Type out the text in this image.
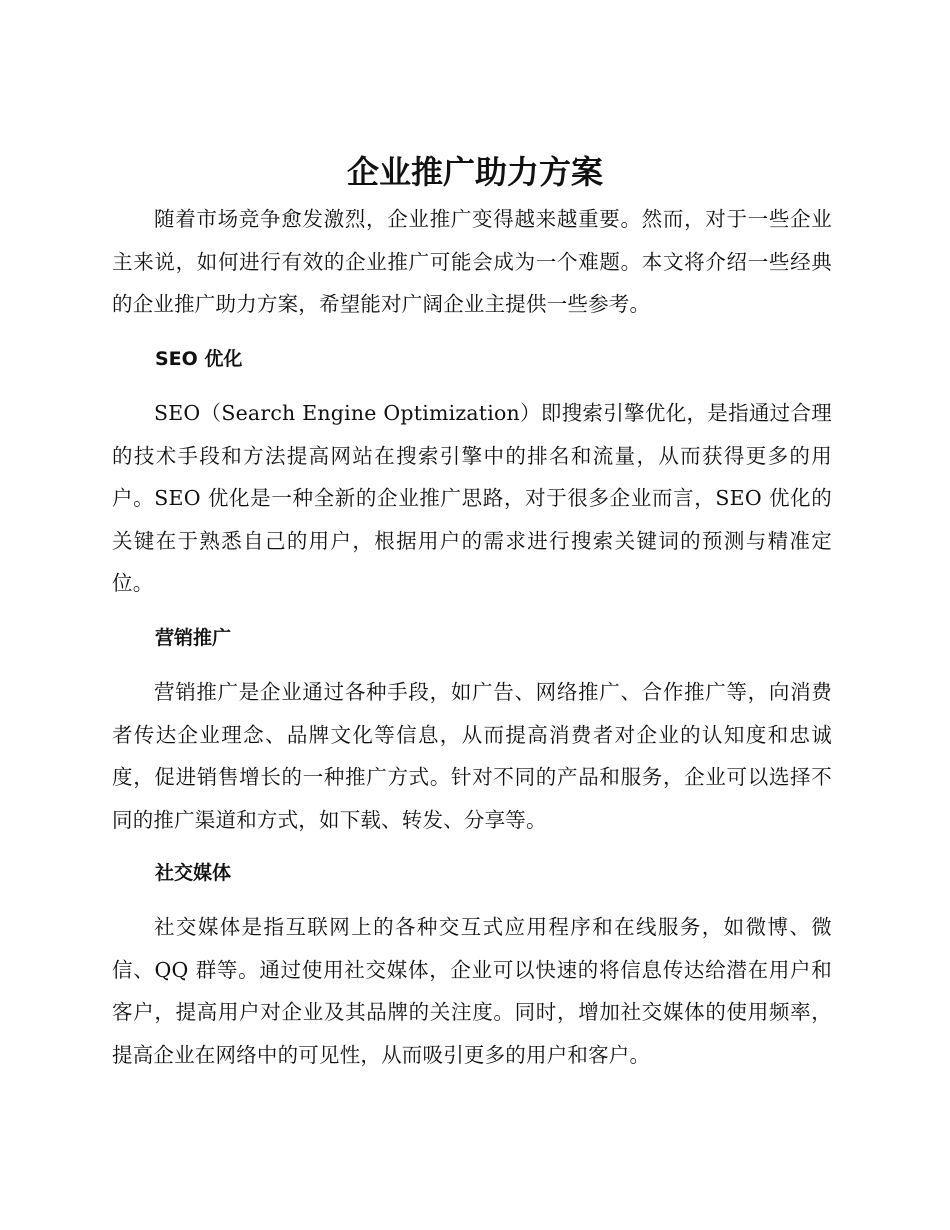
企业推广助力方案

随着市场竞争愈发激烈，企业推广变得越来越重要。然而，对于一些企业主来说，如何进行有效的企业推广可能会成为一个难题。本文将介绍一些经典的企业推广助力方案，希望能对广阔企业主提供一些参考。

SEO 优化

SEO（Search Engine Optimization）即搜索引擎优化，是指通过合理的技术手段和方法提高网站在搜索引擎中的排名和流量，从而获得更多的用户。SEO 优化是一种全新的企业推广思路，对于很多企业而言，SEO 优化的关键在于熟悉自己的用户，根据用户的需求进行搜索关键词的预测与精准定位。

营销推广

营销推广是企业通过各种手段，如广告、网络推广、合作推广等，向消费者传达企业理念、品牌文化等信息，从而提高消费者对企业的认知度和忠诚度，促进销售增长的一种推广方式。针对不同的产品和服务，企业可以选择不同的推广渠道和方式，如下载、转发、分享等。

社交媒体

社交媒体是指互联网上的各种交互式应用程序和在线服务，如微博、微信、QQ 群等。通过使用社交媒体，企业可以快速的将信息传达给潜在用户和客户，提高用户对企业及其品牌的关注度。同时，增加社交媒体的使用频率，提高企业在网络中的可见性，从而吸引更多的用户和客户。
